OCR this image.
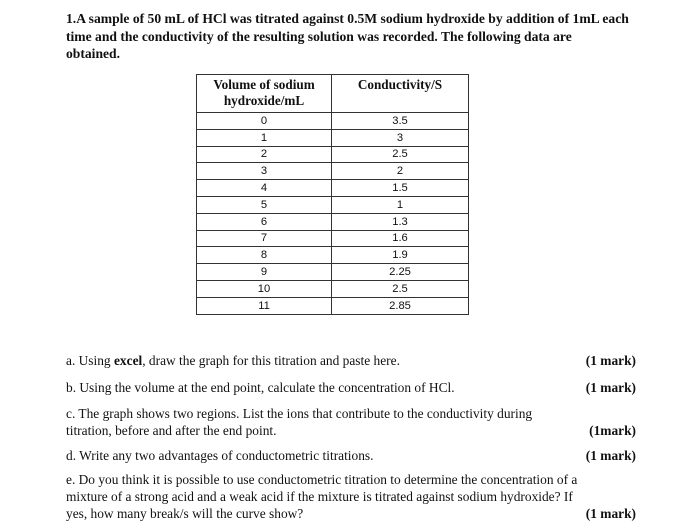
1.A sample of 50 mL of HCl was titrated against 0.5M sodium hydroxide by addition of 1mL each
time and the conductivity of the resulting solution was recorded. The following data are
obtained.
Volume of sodium
hydroxide/mL	Conductivity/S
0	3.5
1	3
2	2.5
3	2
4	1.5
5	1
6	1.3
7	1.6
8	1.9
9	2.25
10	2.5
11	2.85
a. Using excel, draw the graph for this titration and paste here.	(1 mark)
b. Using the volume at the end point, calculate the concentration of HCl.	(1 mark)
c. The graph shows two regions. List the ions that contribute to the conductivity during
titration, before and after the end point.	(1mark)
d. Write any two advantages of conductometric titrations.	(1 mark)
e. Do you think it is possible to use conductometric titration to determine the concentration of a
mixture of a strong acid and a weak acid if the mixture is titrated against sodium hydroxide? If
yes, how many break/s will the curve show?	(1 mark)
